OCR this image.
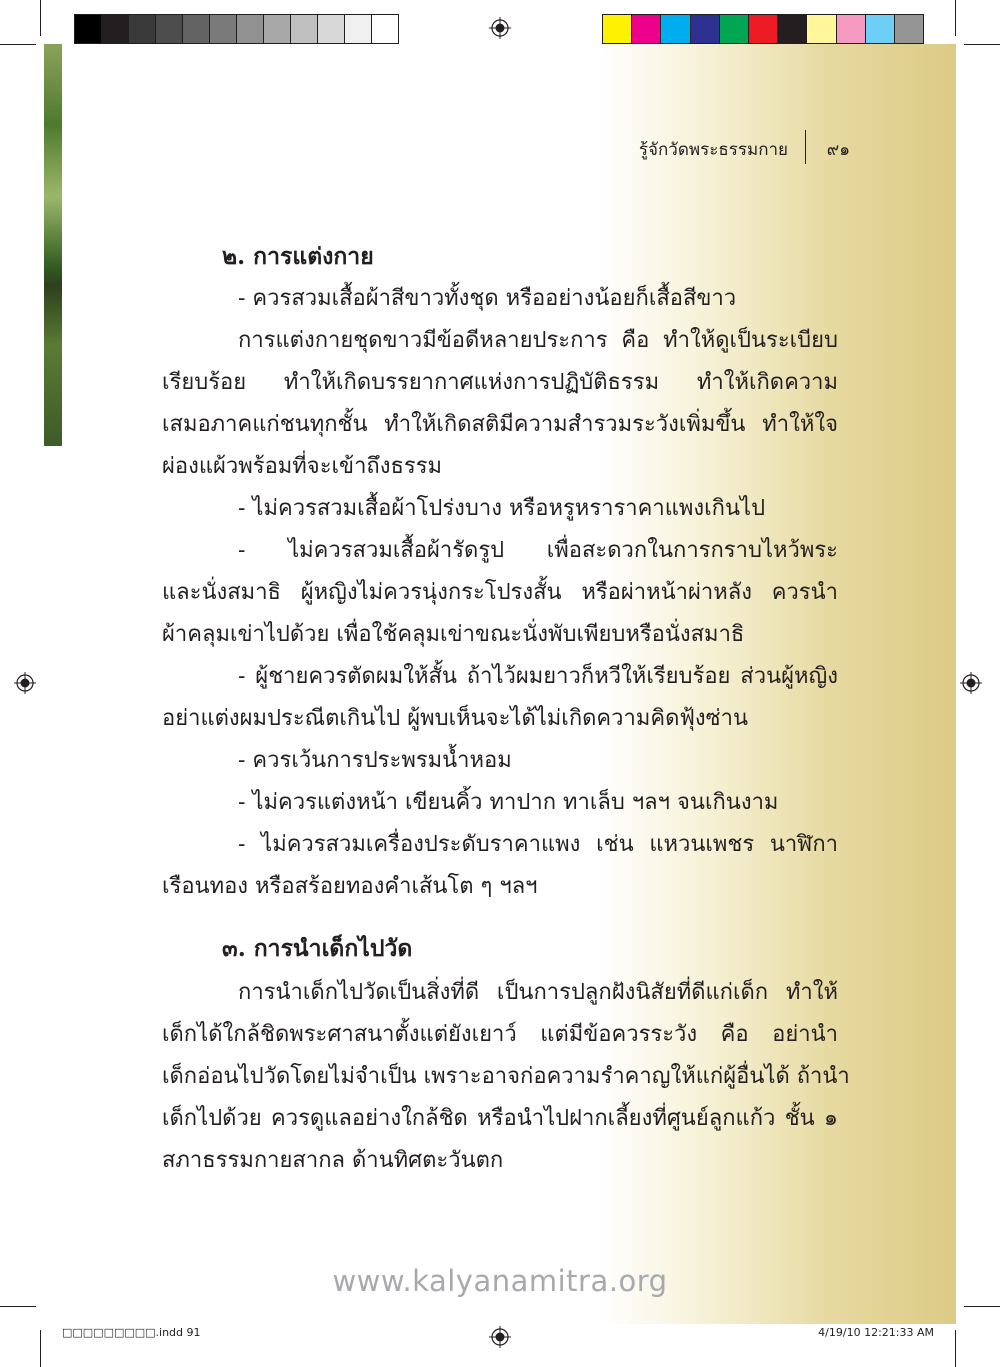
รู้จักวัดพระธรรมกาย ๙๑
๒. การแต่งกาย
- ควรสวมเสื้อผ้าสีขาวทั้งชุด หรืออย่างน้อยก็เสื้อสีขาว
การแต่งกายชุดขาวมีข้อดีหลายประการ คือ ทำให้ดูเป็นระเบียบ
เรียบร้อย ทำให้เกิดบรรยากาศแห่งการปฏิบัติธรรม ทำให้เกิดความ
เสมอภาคแก่ชนทุกชั้น ทำให้เกิดสติมีความสำรวมระวังเพิ่มขึ้น ทำให้ใจ
ผ่องแผ้วพร้อมที่จะเข้าถึงธรรม
- ไม่ควรสวมเสื้อผ้าโปร่งบาง หรือหรูหราราคาแพงเกินไป
- ไม่ควรสวมเสื้อผ้ารัดรูป เพื่อสะดวกในการกราบไหว้พระ
และนั่งสมาธิ ผู้หญิงไม่ควรนุ่งกระโปรงสั้น หรือผ่าหน้าผ่าหลัง ควรนำ
ผ้าคลุมเข่าไปด้วย เพื่อใช้คลุมเข่าขณะนั่งพับเพียบหรือนั่งสมาธิ
- ผู้ชายควรตัดผมให้สั้น ถ้าไว้ผมยาวก็หวีให้เรียบร้อย ส่วนผู้หญิง
อย่าแต่งผมประณีตเกินไป ผู้พบเห็นจะได้ไม่เกิดความคิดฟุ้งซ่าน
- ควรเว้นการประพรมน้ำหอม
- ไม่ควรแต่งหน้า เขียนคิ้ว ทาปาก ทาเล็บ ฯลฯ จนเกินงาม
- ไม่ควรสวมเครื่องประดับราคาแพง เช่น แหวนเพชร นาฬิกา
เรือนทอง หรือสร้อยทองคำเส้นโต ๆ ฯลฯ
๓. การนำเด็กไปวัด
การนำเด็กไปวัดเป็นสิ่งที่ดี เป็นการปลูกฝังนิสัยที่ดีแก่เด็ก ทำให้
เด็กได้ใกล้ชิดพระศาสนาตั้งแต่ยังเยาว์ แต่มีข้อควรระวัง คือ อย่านำ
เด็กอ่อนไปวัดโดยไม่จำเป็น เพราะอาจก่อความรำคาญให้แก่ผู้อื่นได้ ถ้านำ
เด็กไปด้วย ควรดูแลอย่างใกล้ชิด หรือนำไปฝากเลี้ยงที่ศูนย์ลูกแก้ว ชั้น ๑
สภาธรรมกายสากล ด้านทิศตะวันตก
www.kalyanamitra.org
□□□□□□□□□.indd 91	4/19/10 12:21:33 AM
